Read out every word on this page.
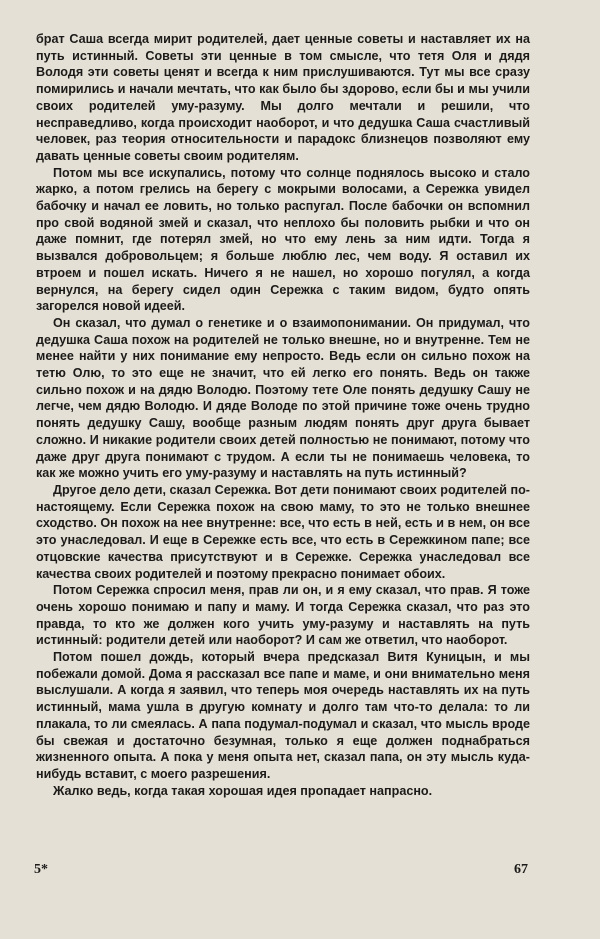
брат Саша всегда мирит родителей, дает ценные советы и наставляет их на путь истинный. Советы эти ценные в том смысле, что тетя Оля и дядя Володя эти советы ценят и всегда к ним прислушиваются. Тут мы все сразу помирились и начали мечтать, что как было бы здорово, если бы и мы учили своих родителей уму-разуму. Мы долго мечтали и решили, что несправедливо, когда происходит наоборот, и что дедушка Саша счастливый человек, раз теория относительности и парадокс близнецов позволяют ему давать ценные советы своим родителям.

Потом мы все искупались, потому что солнце поднялось высоко и стало жарко, а потом грелись на берегу с мокрыми волосами, а Сережка увидел бабочку и начал ее ловить, но только распугал. После бабочки он вспомнил про свой водяной змей и сказал, что неплохо бы половить рыбки и что он даже помнит, где потерял змей, но что ему лень за ним идти. Тогда я вызвался добровольцем; я больше люблю лес, чем воду. Я оставил их втроем и пошел искать. Ничего я не нашел, но хорошо погулял, а когда вернулся, на берегу сидел один Сережка с таким видом, будто опять загорелся новой идеей.

Он сказал, что думал о генетике и о взаимопонимании. Он придумал, что дедушка Саша похож на родителей не только внешне, но и внутренне. Тем не менее найти у них понимание ему непросто. Ведь если он сильно похож на тетю Олю, то это еще не значит, что ей легко его понять. Ведь он также сильно похож и на дядю Володю. Поэтому тете Оле понять дедушку Сашу не легче, чем дядю Володю. И дяде Володе по этой причине тоже очень трудно понять дедушку Сашу, вообще разным людям понять друг друга бывает сложно. И никакие родители своих детей полностью не понимают, потому что даже друг друга понимают с трудом. А если ты не понимаешь человека, то как же можно учить его уму-разуму и наставлять на путь истинный?

Другое дело дети, сказал Сережка. Вот дети понимают своих родителей по-настоящему. Если Сережка похож на свою маму, то это не только внешнее сходство. Он похож на нее внутренне: все, что есть в ней, есть и в нем, он все это унаследовал. И еще в Сережке есть все, что есть в Сережкином папе; все отцовские качества присутствуют и в Сережке. Сережка унаследовал все качества своих родителей и поэтому прекрасно понимает обоих.

Потом Сережка спросил меня, прав ли он, и я ему сказал, что прав. Я тоже очень хорошо понимаю и папу и маму. И тогда Сережка сказал, что раз это правда, то кто же должен кого учить уму-разуму и наставлять на путь истинный: родители детей или наоборот? И сам же ответил, что наоборот.

Потом пошел дождь, который вчера предсказал Витя Куницын, и мы побежали домой. Дома я рассказал все папе и маме, и они внимательно меня выслушали. А когда я заявил, что теперь моя очередь наставлять их на путь истинный, мама ушла в другую комнату и долго там что-то делала: то ли плакала, то ли смеялась. А папа подумал-подумал и сказал, что мысль вроде бы свежая и достаточно безумная, только я еще должен поднабраться жизненного опыта. А пока у меня опыта нет, сказал папа, он эту мысль куда-нибудь вставит, с моего разрешения.

Жалко ведь, когда такая хорошая идея пропадает напрасно.

5*	67
